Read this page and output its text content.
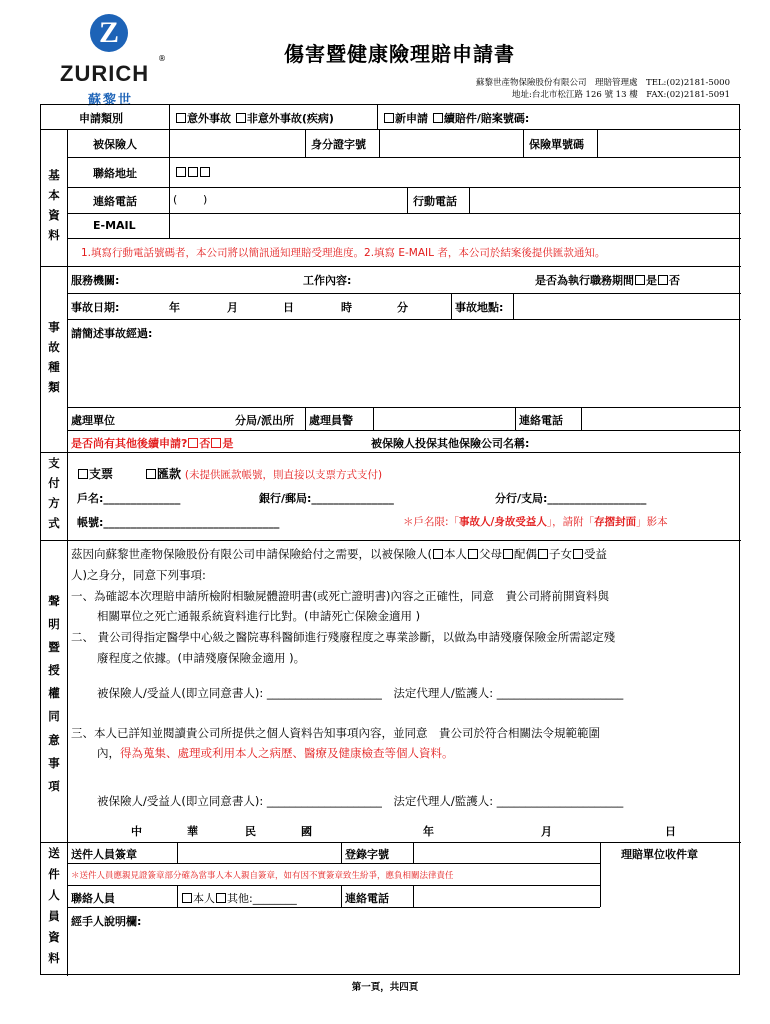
Z
®
ZURICH
蘇黎世
傷害暨健康險理賠申請書
蘇黎世產物保險股份有限公司　理賠管理處　TEL:(02)2181-5000
地址:台北市松江路 126 號 13 樓　FAX:(02)2181-5091
申請類別	意外事故 非意外事故(疾病)	新申請 續賠件/賠案號碼:
基
本
資
料
被保險人	身分證字號	保險單號碼
聯絡地址
連絡電話	( )	行動電話
E-MAIL
1.填寫行動電話號碼者，本公司將以簡訊通知理賠受理進度。2.填寫 E-MAIL 者，本公司於結案後提供匯款通知。
事
故
種
類
服務機關:	工作內容:	是否為執行職務期間 是 否
事故日期:	年	月	日	時	分	事故地點:
請簡述事故經過:
處理單位	分局/派出所 處理員警	連絡電話
是否尚有其他後續申請? 否 是	被保險人投保其他保險公司名稱:
支
付
方
式
支票	匯款 (未提供匯款帳號，則直接以支票方式支付)
戶名:______________	銀行/郵局:_______________	分行/支局:__________________
帳號:________________________________	＊戶名限:「事故人/身故受益人」，請附「存摺封面」影本
聲
明
暨
授
權
同
意
事
項
茲因向蘇黎世產物保險股份有限公司申請保險給付之需要，以被保險人( 本人 父母 配偶 子女 受益
人)之身分，同意下列事項:
一、為確認本次理賠申請所檢附相驗屍體證明書(或死亡證明書)內容之正確性，同意　貴公司將前開資料與
相關單位之死亡通報系統資料進行比對。(申請死亡保險金適用 )
二、 貴公司得指定醫學中心級之醫院專科醫師進行殘廢程度之專業診斷，以做為申請殘廢保險金所需認定殘
廢程度之依據。(申請殘廢保險金適用 )。
被保險人/受益人(即立同意書人): ____________________　法定代理人/監護人: ______________________
三、本人已詳知並閱讀貴公司所提供之個人資料告知事項內容，並同意　貴公司於符合相關法令規範範圍
內，得為蒐集、處理或利用本人之病歷、醫療及健康檢查等個人資料。
被保險人/受益人(即立同意書人): ____________________　法定代理人/監護人: ______________________
中	華	民	國	年	月	日
送
件
人
員
資
料
送件人員簽章	登錄字號	理賠單位收件章
＊送件人員應親見證簽章部分確為當事人本人親自簽章，如有因不實簽章致生紛爭，應負相關法律責任
聯絡人員	本人 其他:________	連絡電話
經手人說明欄:
第一頁，共四頁
